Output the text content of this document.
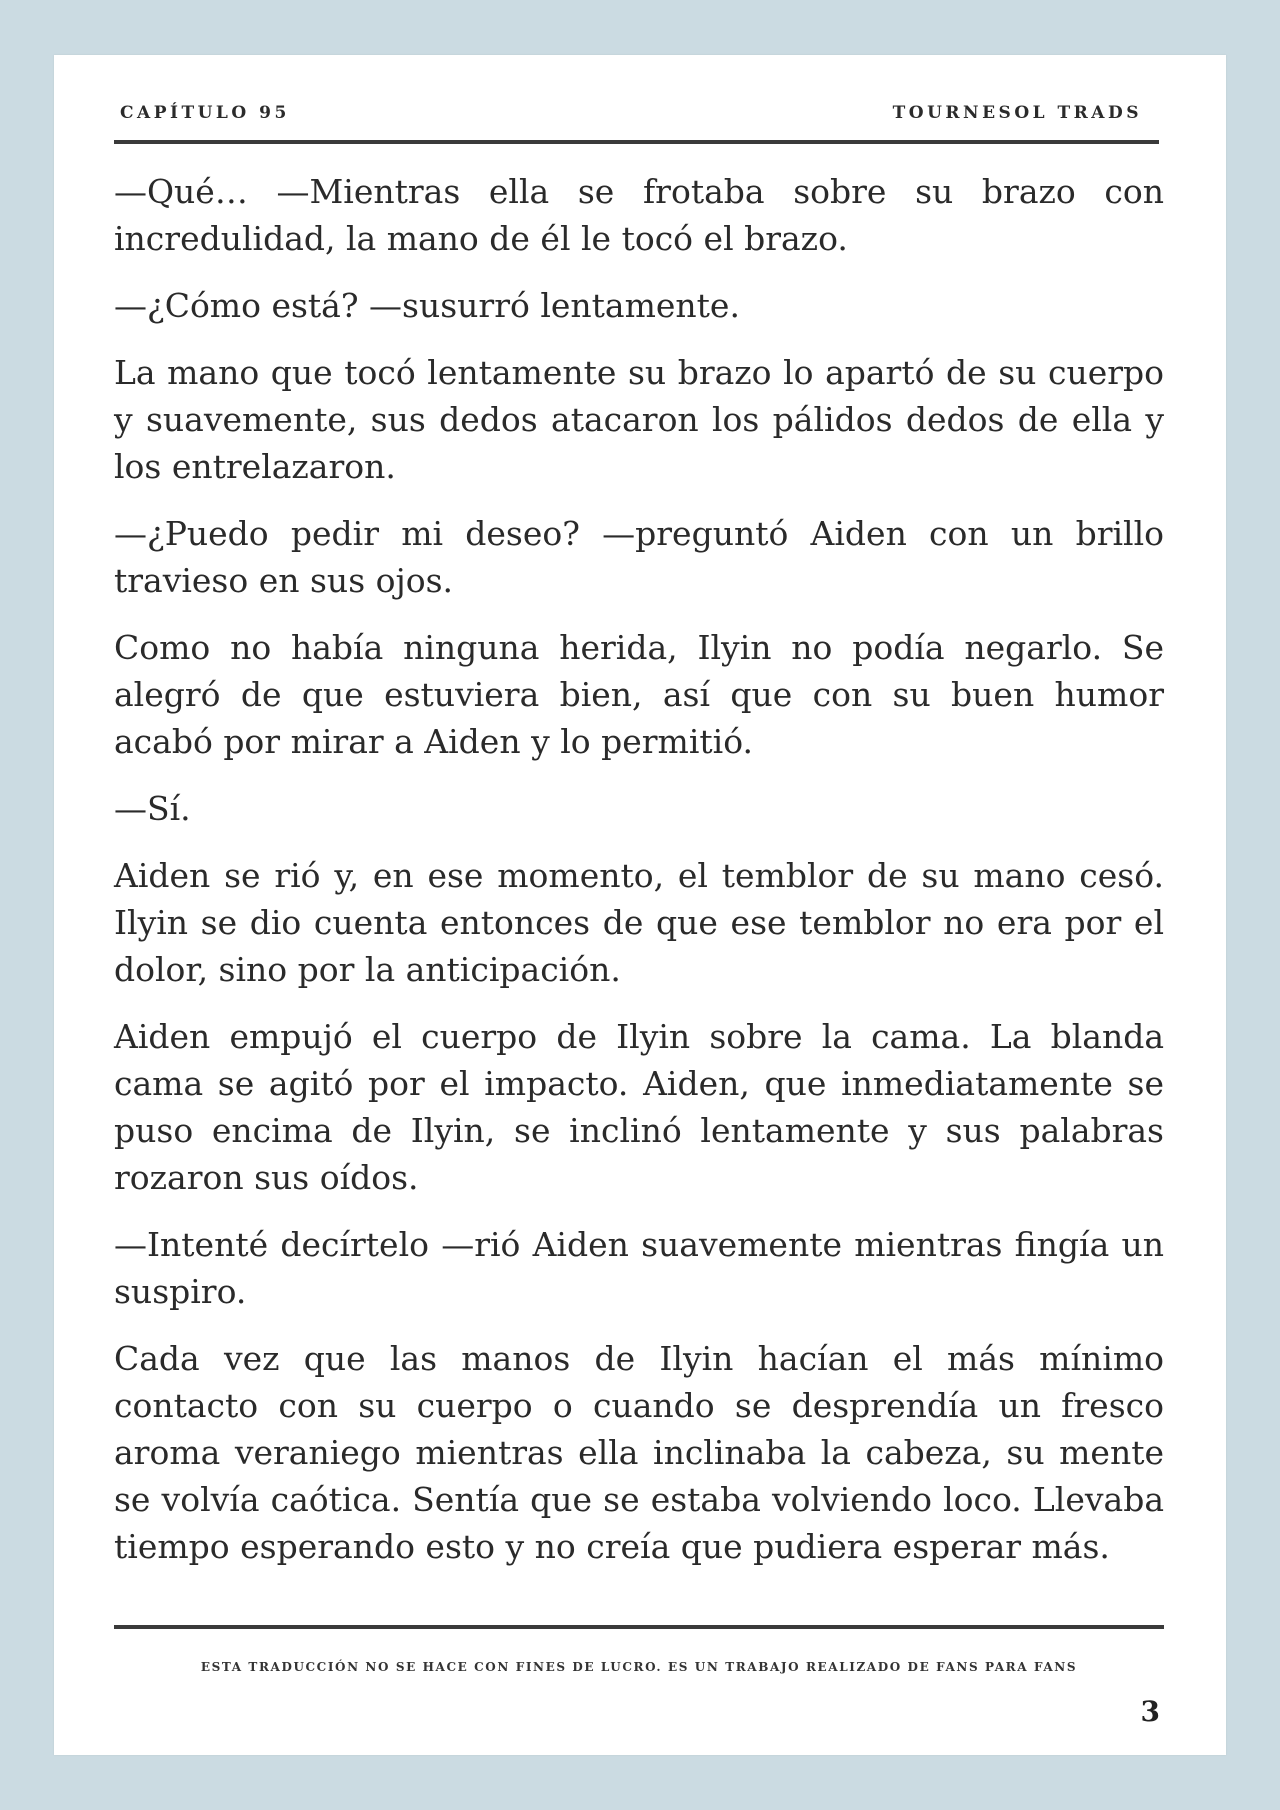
CAPÍTULO 95	TOURNESOL TRADS

—Qué… —Mientras ella se frotaba sobre su brazo con incredulidad, la mano de él le tocó el brazo.

—¿Cómo está? —susurró lentamente.

La mano que tocó lentamente su brazo lo apartó de su cuerpo y suavemente, sus dedos atacaron los pálidos dedos de ella y los entrelazaron.

—¿Puedo pedir mi deseo? —preguntó Aiden con un brillo travieso en sus ojos.

Como no había ninguna herida, Ilyin no podía negarlo. Se alegró de que estuviera bien, así que con su buen humor acabó por mirar a Aiden y lo permitió.

—Sí.

Aiden se rió y, en ese momento, el temblor de su mano cesó. Ilyin se dio cuenta entonces de que ese temblor no era por el dolor, sino por la anticipación.

Aiden empujó el cuerpo de Ilyin sobre la cama. La blanda cama se agitó por el impacto. Aiden, que inmediatamente se puso encima de Ilyin, se inclinó lentamente y sus palabras rozaron sus oídos.

—Intenté decírtelo —rió Aiden suavemente mientras fingía un suspiro.

Cada vez que las manos de Ilyin hacían el más mínimo contacto con su cuerpo o cuando se desprendía un fresco aroma veraniego mientras ella inclinaba la cabeza, su mente se volvía caótica. Sentía que se estaba volviendo loco. Llevaba tiempo esperando esto y no creía que pudiera esperar más.

ESTA TRADUCCIÓN NO SE HACE CON FINES DE LUCRO. ES UN TRABAJO REALIZADO DE FANS PARA FANS
3
